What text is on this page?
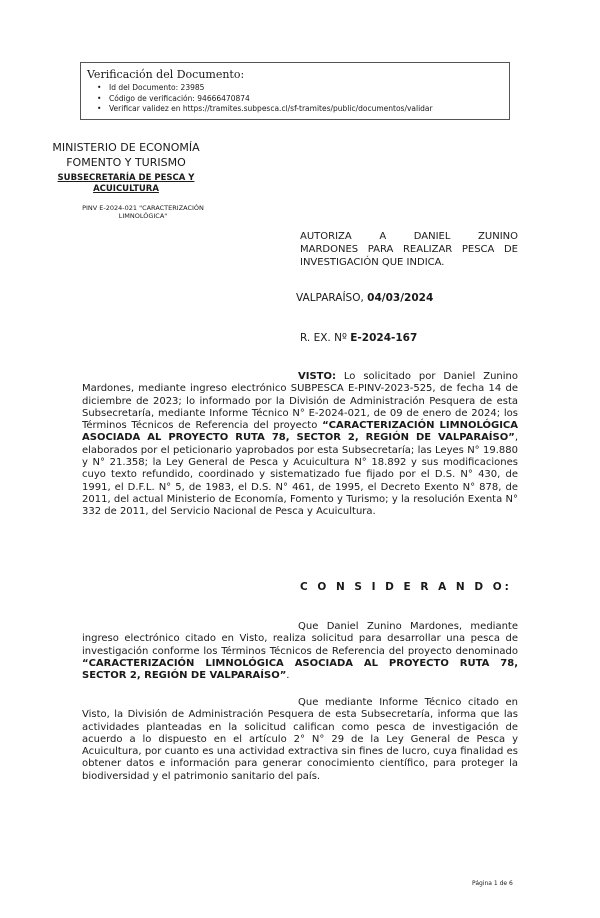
Verificación del Documento:
• Id del Documento: 23985
• Código de verificación: 94666470874
• Verificar validez en https://tramites.subpesca.cl/sf-tramites/public/documentos/validar
MINISTERIO DE ECONOMÍA
FOMENTO Y TURISMO
SUBSECRETARÍA DE PESCA Y ACUICULTURA
PINV E-2024-021 "CARACTERIZACIÓN LIMNOLÓGICA"
AUTORIZA A DANIEL ZUNINO
MARDONES PARA REALIZAR PESCA DE
INVESTIGACIÓN QUE INDICA.
VALPARAÍSO, 04/03/2024
R. EX. Nº E-2024-167
VISTO: Lo solicitado por Daniel Zunino Mardones, mediante ingreso electrónico SUBPESCA E-PINV-2023-525, de fecha 14 de diciembre de 2023; lo informado por la División de Administración Pesquera de esta Subsecretaría, mediante Informe Técnico N° E-2024-021, de 09 de enero de 2024; los Términos Técnicos de Referencia del proyecto “CARACTERIZACIÓN LIMNOLÓGICA ASOCIADA AL PROYECTO RUTA 78, SECTOR 2, REGIÓN DE VALPARAÍSO”, elaborados por el peticionario yaprobados por esta Subsecretaría; las Leyes N° 19.880 y N° 21.358; la Ley General de Pesca y Acuicultura N° 18.892 y sus modificaciones cuyo texto refundido, coordinado y sistematizado fue fijado por el D.S. N° 430, de 1991, el D.F.L. N° 5, de 1983, el D.S. N° 461, de 1995, el Decreto Exento N° 878, de 2011, del actual Ministerio de Economía, Fomento y Turismo; y la resolución Exenta N° 332 de 2011, del Servicio Nacional de Pesca y Acuicultura.
C O N S I D E R A N D O:
Que Daniel Zunino Mardones, mediante ingreso electrónico citado en Visto, realiza solicitud para desarrollar una pesca de investigación conforme los Términos Técnicos de Referencia del proyecto denominado “CARACTERIZACIÓN LIMNOLÓGICA ASOCIADA AL PROYECTO RUTA 78, SECTOR 2, REGIÓN DE VALPARAÍSO”.
Que mediante Informe Técnico citado en Visto, la División de Administración Pesquera de esta Subsecretaría, informa que las actividades planteadas en la solicitud califican como pesca de investigación de acuerdo a lo dispuesto en el artículo 2° N° 29 de la Ley General de Pesca y Acuicultura, por cuanto es una actividad extractiva sin fines de lucro, cuya finalidad es obtener datos e información para generar conocimiento científico, para proteger la biodiversidad y el patrimonio sanitario del país.
Página 1 de 6
